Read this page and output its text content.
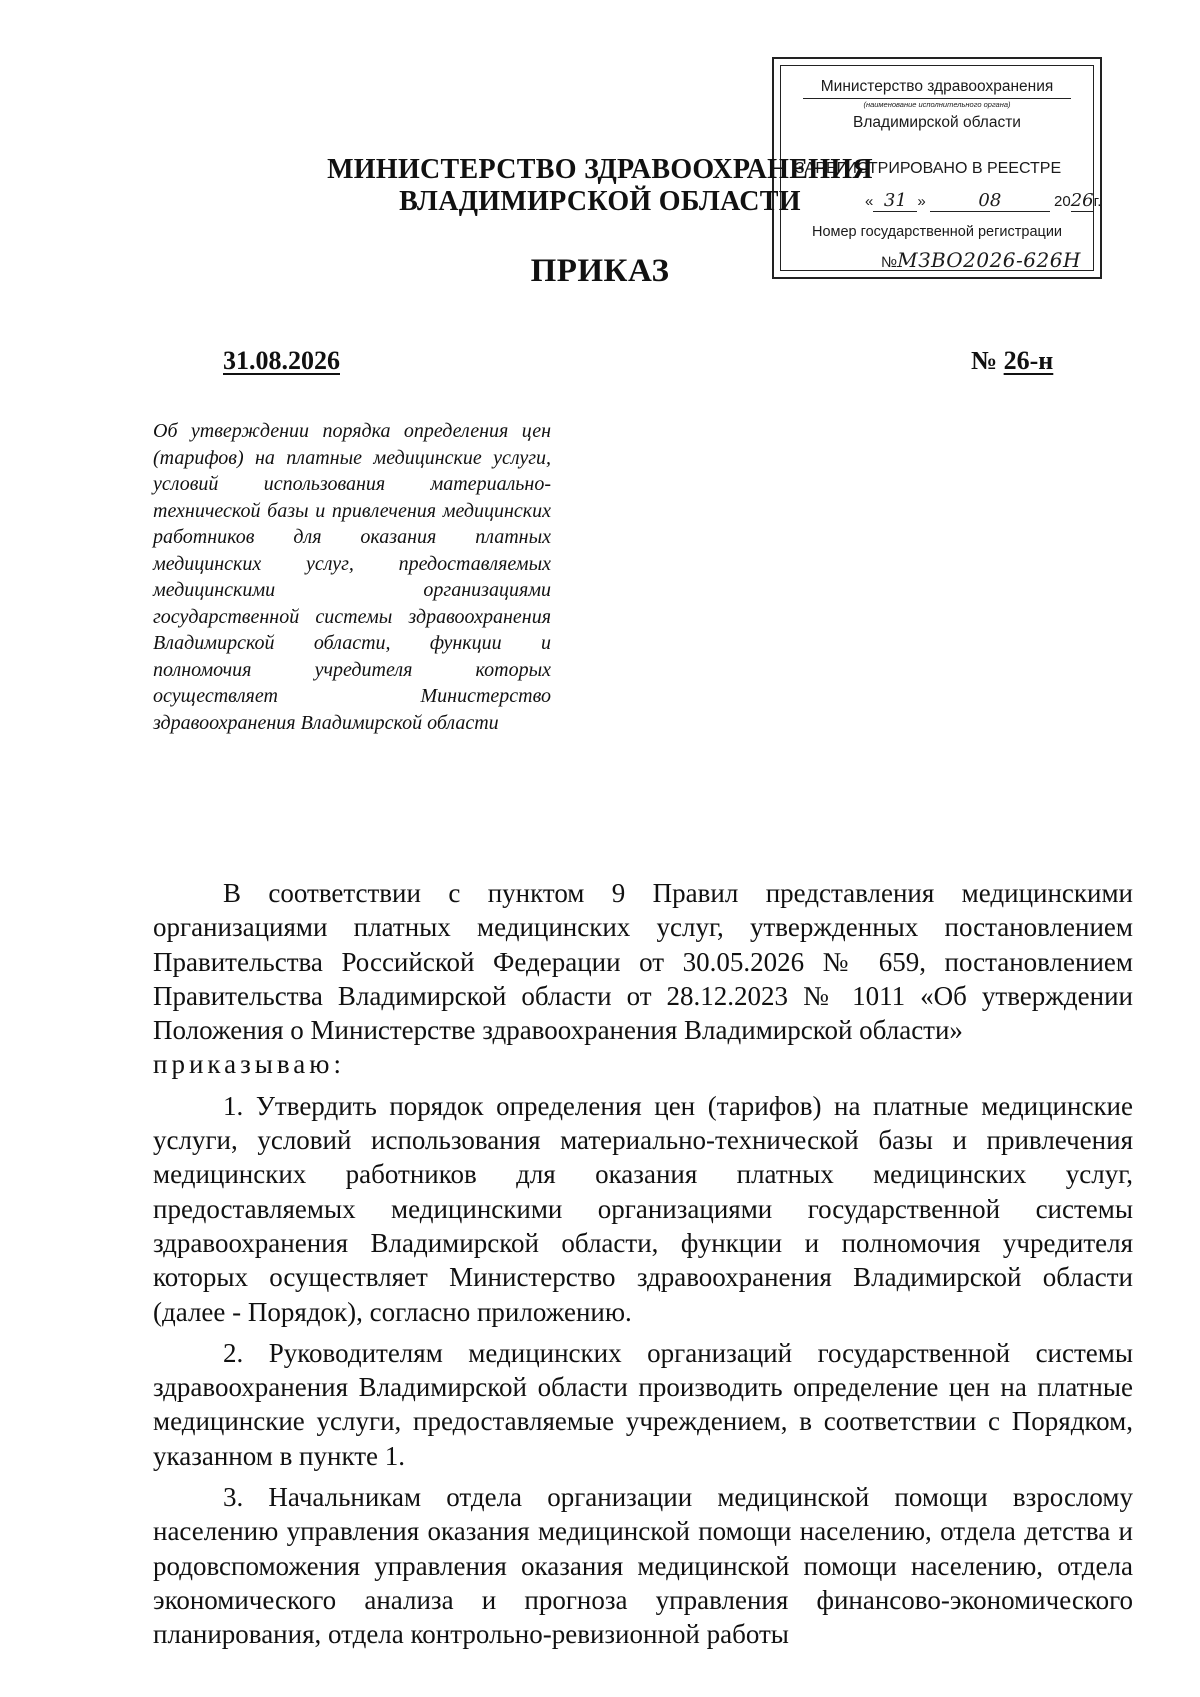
Министерство здравоохранения
(наименование исполнительного органа)
Владимирской области
ЗАРЕГИСТРИРОВАНО В РЕЕСТРЕ
« 31 »	08	2026г.
Номер государственной регистрации
№МЗВО2026-626Н
МИНИСТЕРСТВО ЗДРАВООХРАНЕНИЯ
ВЛАДИМИРСКОЙ ОБЛАСТИ
ПРИКАЗ
31.08.2026	№ 26-н
Об утверждении порядка определения цен (тарифов) на платные медицинские услуги, условий использования материально-технической базы и привлечения медицинских работников для оказания платных медицинских услуг, предоставляемых медицинскими организациями государственной системы здравоохранения Владимирской области, функции и полномочия учредителя которых осуществляет Министерство здравоохранения Владимирской области

В соответствии с пунктом 9 Правил представления медицинскими организациями платных медицинских услуг, утвержденных постановлением Правительства Российской Федерации от 30.05.2026 № 659, постановлением Правительства Владимирской области от 28.12.2023 № 1011 «Об утверждении Положения о Министерстве здравоохранения Владимирской области»
приказываю:

1. Утвердить порядок определения цен (тарифов) на платные медицинские услуги, условий использования материально-технической базы и привлечения медицинских работников для оказания платных медицинских услуг, предоставляемых медицинскими организациями государственной системы здравоохранения Владимирской области, функции и полномочия учредителя которых осуществляет Министерство здравоохранения Владимирской области (далее - Порядок), согласно приложению.

2. Руководителям медицинских организаций государственной системы здравоохранения Владимирской области производить определение цен на платные медицинские услуги, предоставляемые учреждением, в соответствии с Порядком, указанном в пункте 1.

3. Начальникам отдела организации медицинской помощи взрослому населению управления оказания медицинской помощи населению, отдела детства и родовспоможения управления оказания медицинской помощи населению, отдела экономического анализа и прогноза управления финансово-экономического планирования, отдела контрольно-ревизионной работы
